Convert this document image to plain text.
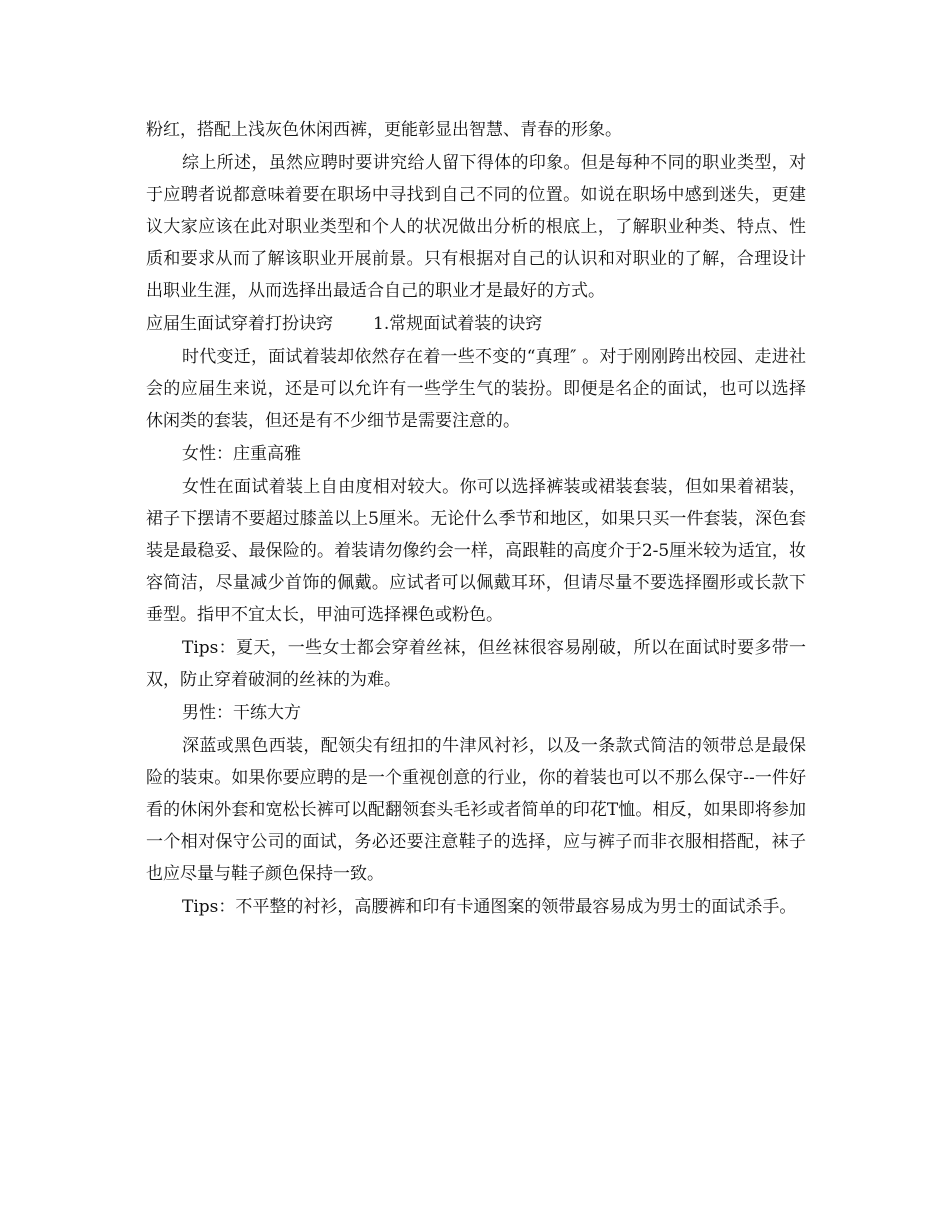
粉红，搭配上浅灰色休闲西裤，更能彰显出智慧、青春的形象。

综上所述，虽然应聘时要讲究给人留下得体的印象。但是每种不同的职业类型，对于应聘者说都意味着要在职场中寻找到自己不同的位置。如说在职场中感到迷失，更建议大家应该在此对职业类型和个人的状况做出分析的根底上，了解职业种类、特点、性质和要求从而了解该职业开展前景。只有根据对自己的认识和对职业的了解，合理设计出职业生涯，从而选择出最适合自己的职业才是最好的方式。

应届生面试穿着打扮诀窍 1.常规面试着装的诀窍

时代变迁，面试着装却依然存在着一些不变的“真理″ 。对于刚刚跨出校园、走进社会的应届生来说，还是可以允许有一些学生气的装扮。即便是名企的面试，也可以选择休闲类的套装，但还是有不少细节是需要注意的。

女性：庄重高雅

女性在面试着装上自由度相对较大。你可以选择裤装或裙装套装，但如果着裙装，裙子下摆请不要超过膝盖以上5厘米。无论什么季节和地区，如果只买一件套装，深色套装是最稳妥、最保险的。着装请勿像约会一样，高跟鞋的高度介于2-5厘米较为适宜，妆容简洁，尽量减少首饰的佩戴。应试者可以佩戴耳环，但请尽量不要选择圈形或长款下垂型。指甲不宜太长，甲油可选择裸色或粉色。

Tips：夏天，一些女士都会穿着丝袜，但丝袜很容易剐破，所以在面试时要多带一双，防止穿着破洞的丝袜的为难。

男性：干练大方

深蓝或黑色西装，配领尖有纽扣的牛津风衬衫，以及一条款式简洁的领带总是最保险的装束。如果你要应聘的是一个重视创意的行业，你的着装也可以不那么保守--一件好看的休闲外套和宽松长裤可以配翻领套头毛衫或者简单的印花T恤。相反，如果即将参加一个相对保守公司的面试，务必还要注意鞋子的选择，应与裤子而非衣服相搭配，袜子也应尽量与鞋子颜色保持一致。

Tips：不平整的衬衫，高腰裤和印有卡通图案的领带最容易成为男士的面试杀手。
